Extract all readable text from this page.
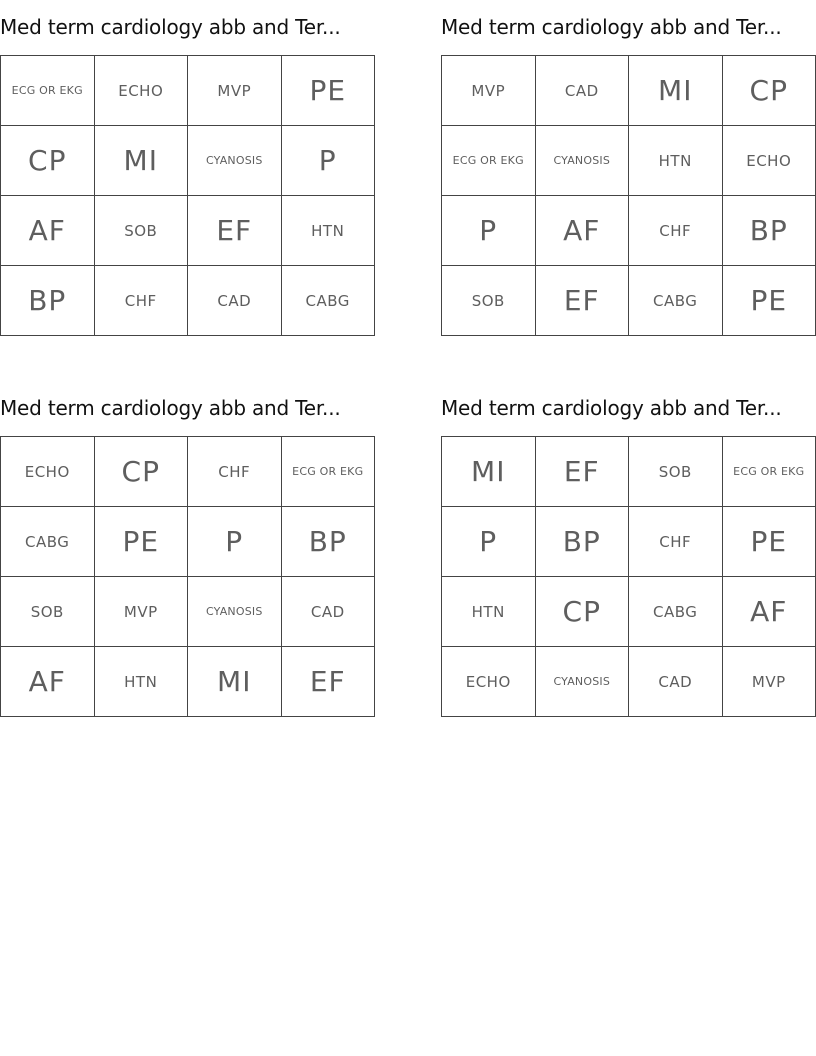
Med term cardiology abb and Ter...
ECG OR EKG	ECHO	MVP	PE
CP	MI	CYANOSIS	P
AF	SOB	EF	HTN
BP	CHF	CAD	CABG
Med term cardiology abb and Ter...
MVP	CAD	MI	CP
ECG OR EKG	CYANOSIS	HTN	ECHO
P	AF	CHF	BP
SOB	EF	CABG	PE
Med term cardiology abb and Ter...
ECHO	CP	CHF	ECG OR EKG
CABG	PE	P	BP
SOB	MVP	CYANOSIS	CAD
AF	HTN	MI	EF
Med term cardiology abb and Ter...
MI	EF	SOB	ECG OR EKG
P	BP	CHF	PE
HTN	CP	CABG	AF
ECHO	CYANOSIS	CAD	MVP
